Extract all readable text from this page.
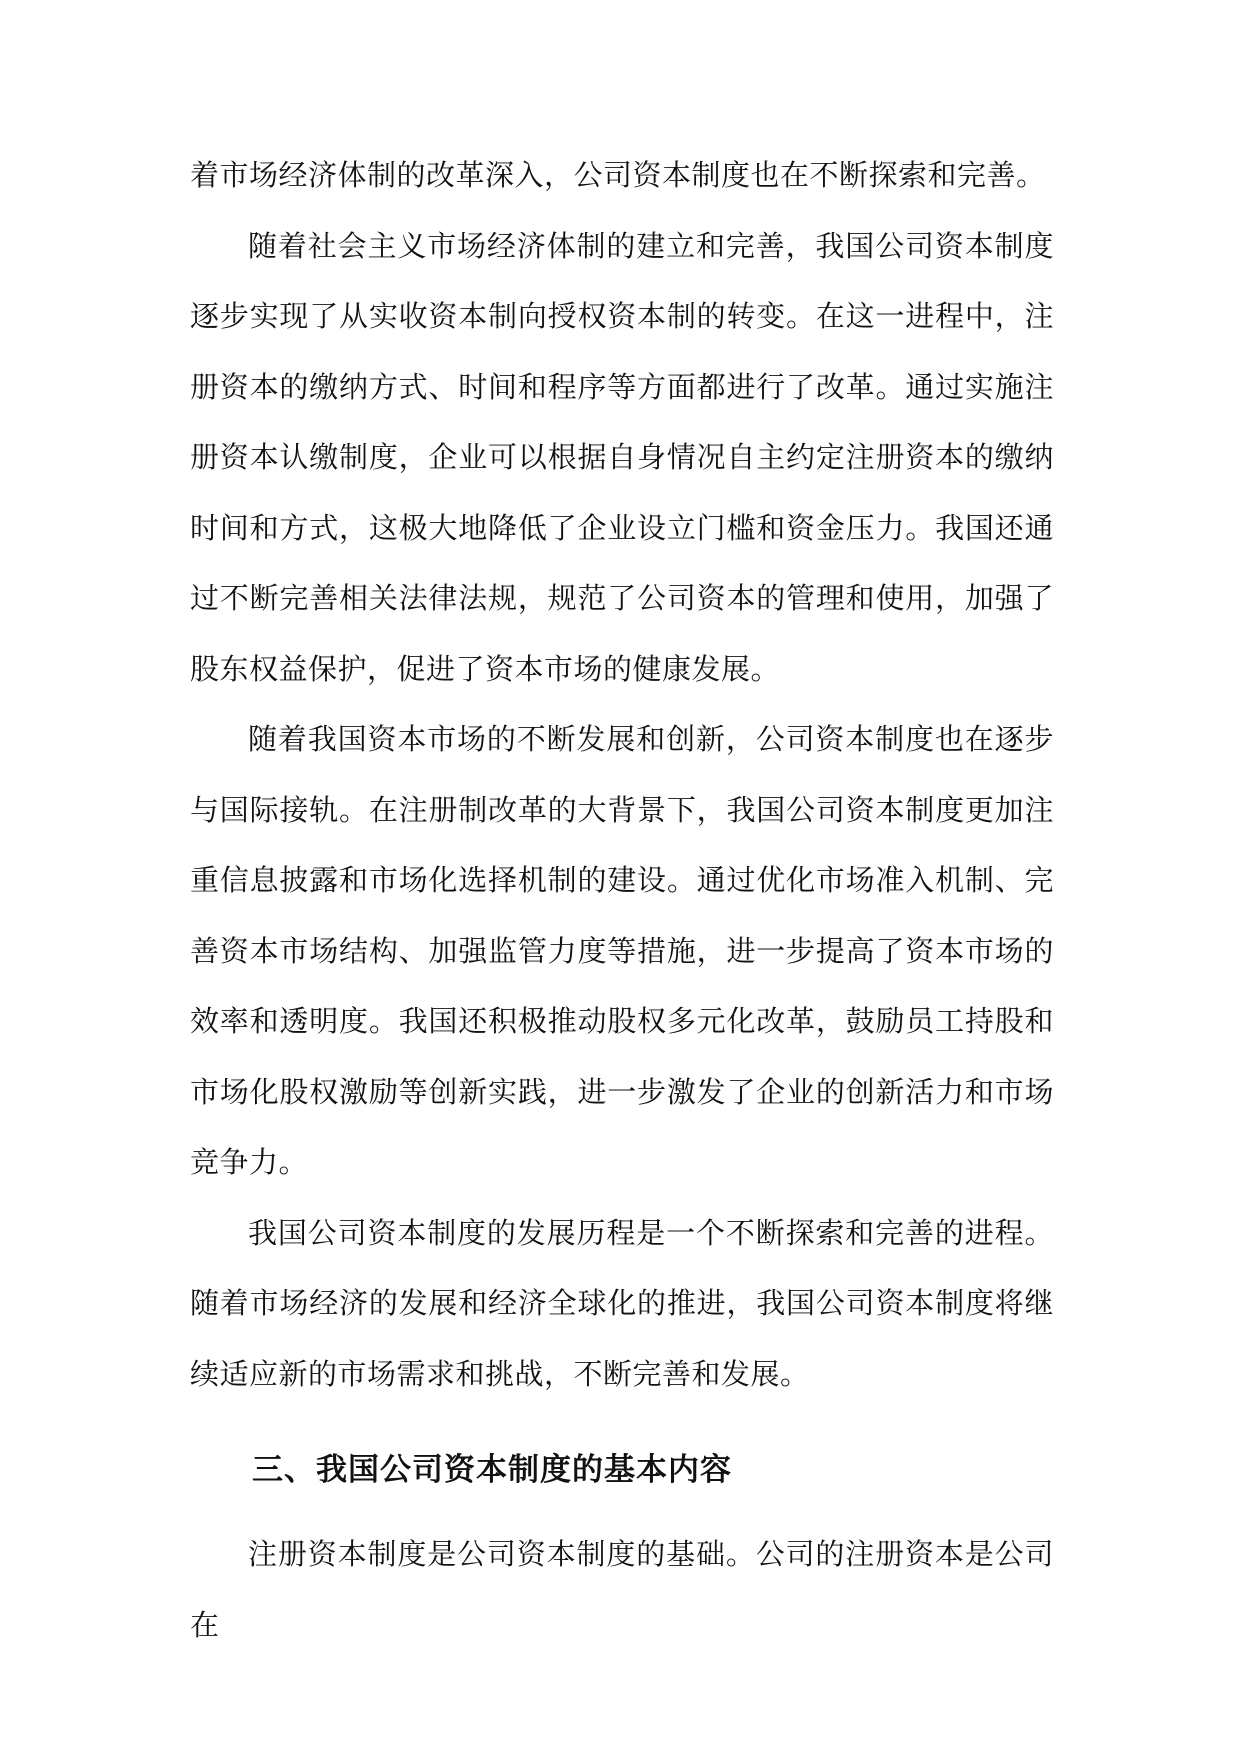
着市场经济体制的改革深入，公司资本制度也在不断探索和完善。

随着社会主义市场经济体制的建立和完善，我国公司资本制度逐步实现了从实收资本制向授权资本制的转变。在这一进程中，注册资本的缴纳方式、时间和程序等方面都进行了改革。通过实施注册资本认缴制度，企业可以根据自身情况自主约定注册资本的缴纳时间和方式，这极大地降低了企业设立门槛和资金压力。我国还通过不断完善相关法律法规，规范了公司资本的管理和使用，加强了股东权益保护，促进了资本市场的健康发展。

随着我国资本市场的不断发展和创新，公司资本制度也在逐步与国际接轨。在注册制改革的大背景下，我国公司资本制度更加注重信息披露和市场化选择机制的建设。通过优化市场准入机制、完善资本市场结构、加强监管力度等措施，进一步提高了资本市场的效率和透明度。我国还积极推动股权多元化改革，鼓励员工持股和市场化股权激励等创新实践，进一步激发了企业的创新活力和市场竞争力。

我国公司资本制度的发展历程是一个不断探索和完善的进程。随着市场经济的发展和经济全球化的推进，我国公司资本制度将继续适应新的市场需求和挑战，不断完善和发展。

三、我国公司资本制度的基本内容

注册资本制度是公司资本制度的基础。公司的注册资本是公司在
